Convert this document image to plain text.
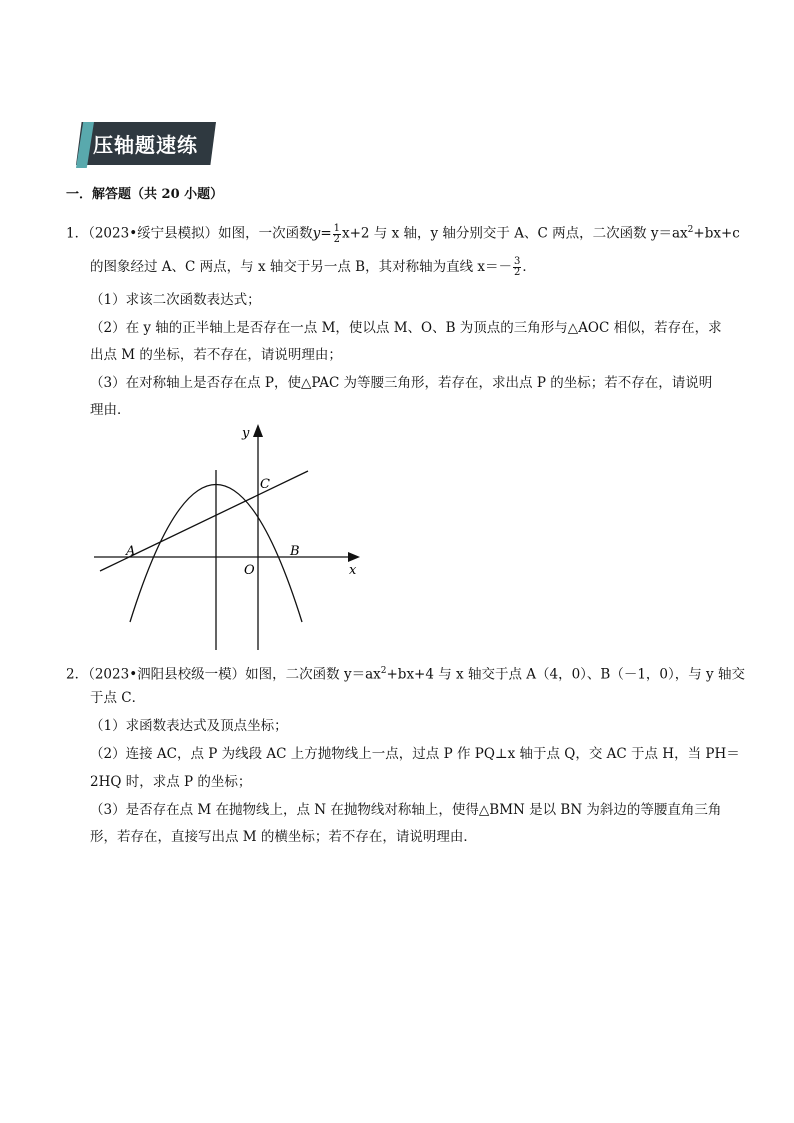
压轴题速练
一．解答题（共 20 小题）
1．（2023•绥宁县模拟）如图，一次函数$y= \frac{1}{2} x+2$ 与 x 轴，y 轴分别交于 A、C 两点，二次函数 $y=ax^2+bx+c$
的图象经过 A、C 两点，与 x 轴交于另一点 B，其对称轴为直线 $x=- \frac{3}{2}$ ．
（1）求该二次函数表达式；
（2）在 y 轴的正半轴上是否存在一点 M，使以点 M、O、B 为顶点的三角形与△AOC 相似，若存在，求
出点 M 的坐标，若不存在，请说明理由；
（3）在对称轴上是否存在点 P，使△PAC 为等腰三角形，若存在，求出点 P 的坐标；若不存在，请说明
理由．
y
x
O
A	B
C
2．（2023•泗阳县校级一模）如图，二次函数 $y=ax^2+bx+4$ 与 x 轴交于点 A（4，0）、B（－1，0），与 y 轴交
于点 C．
（1）求函数表达式及顶点坐标；
（2）连接 AC，点 P 为线段 AC 上方抛物线上一点，过点 P 作 PQ⊥x 轴于点 Q，交 AC 于点 H，当 PH＝
2HQ 时，求点 P 的坐标；
（3）是否存在点 M 在抛物线上，点 N 在抛物线对称轴上，使得△BMN 是以 BN 为斜边的等腰直角三角
形，若存在，直接写出点 M 的横坐标；若不存在，请说明理由．
